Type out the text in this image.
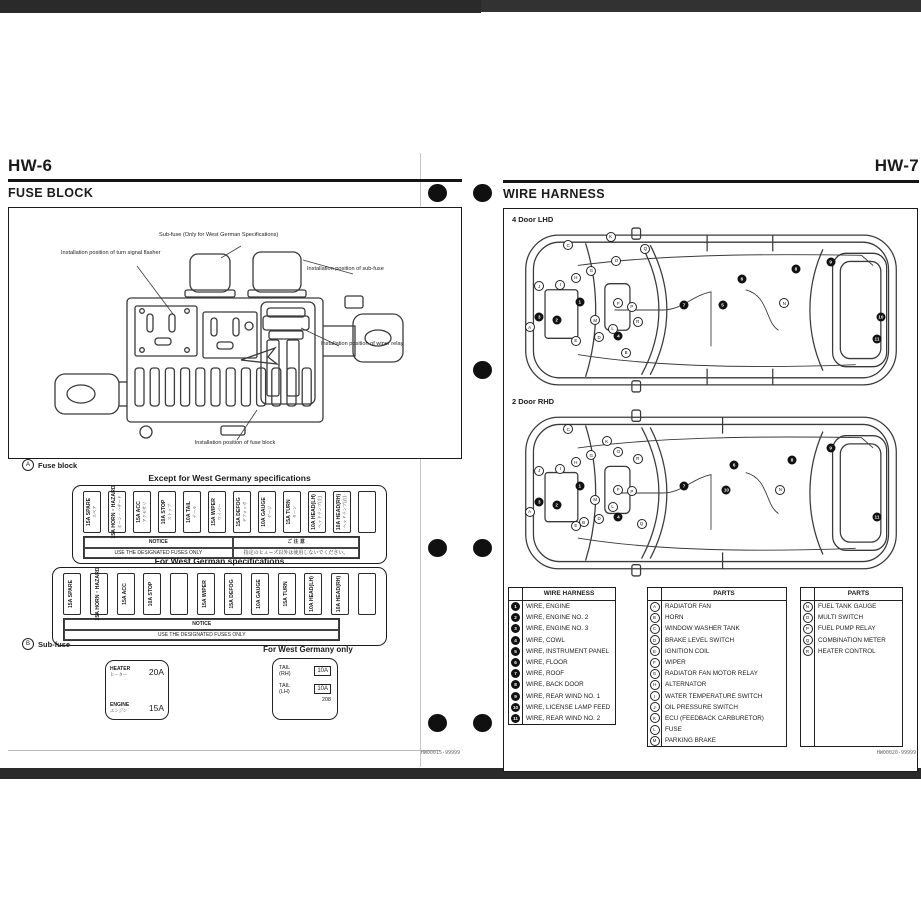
HW-6
FUSE BLOCK
Sub-fuse (Only for West German Specifications)
Installation position of turn signal flasher
Installation position of sub-fuse
Installation position of wiper relay
Installation position of fuse block
A	Fuse block
Except for West Germany specifications
15A SPARE スペア	15A HORN・HAZARD ホーン・ハザード	15A ACC アクセサリ	10A STOP ストップ	10A TAIL テール	15A WIPER ワイパー	15A DEFOG デフォッガ	10A GAUGE ゲージ	15A TURN ターン	10A HEAD(LH) ヘッドランプ(左)	10A HEAD(RH) ヘッドランプ(右)
NOTICE	ご 注 意
USE THE DESIGNATED FUSES ONLY	指定のヒューズ以外は使用しないでください。
For West German specifications
15A SPARE	15A HORN・HAZARD	15A ACC	10A STOP	15A WIPER	15A DEFOG	10A GAUGE	15A TURN	10A HEAD(LH)	10A HEAD(RH)
NOTICE
USE THE DESIGNATED FUSES ONLY
B	Sub-fuse
HEATER
ヒーター	20A
ENGINE
エンジン	15A
For West Germany only
TAIL (RH)	10A
TAIL (LH)	10A
208
HW00015-99999
HW-7
WIRE HARNESS
4 Door LHD
1
2
3
4
5
6
7
8
9
10
11
A
B
C
D
E
F
G
H
I
J
K
L
M
N
O
P
Q
R
2 Door RHD
1
2
3
4
10
6
7
8
9
11
A
B
C
D
E
F
G
H
I
J
K
L
M
N
O
P
Q
R
WIRE HARNESS
1	WIRE, ENGINE
2	WIRE, ENGINE NO. 2
3	WIRE, ENGINE NO. 3
4	WIRE, COWL
5	WIRE, INSTRUMENT PANEL
6	WIRE, FLOOR
7	WIRE, ROOF
8	WIRE, BACK DOOR
9	WIRE, REAR WIND NO. 1
10	WIRE, LICENSE LAMP FEED
11	WIRE, REAR WIND NO. 2
PARTS
A	RADIATOR FAN
B	HORN
C	WINDOW WASHER TANK
D	BRAKE LEVEL SWITCH
E	IGNITION COIL
F	WIPER
G	RADIATOR FAN MOTOR RELAY
H	ALTERNATOR
I	WATER TEMPERATURE SWITCH
J	OIL PRESSURE SWITCH
K	ECU (FEEDBACK CARBURETOR)
L	FUSE
M	PARKING BRAKE
PARTS
N	FUEL TANK GAUGE
O	MULTI SWITCH
P	FUEL PUMP RELAY
Q	COMBINATION METER
R	HEATER CONTROL
HW00020-99999
